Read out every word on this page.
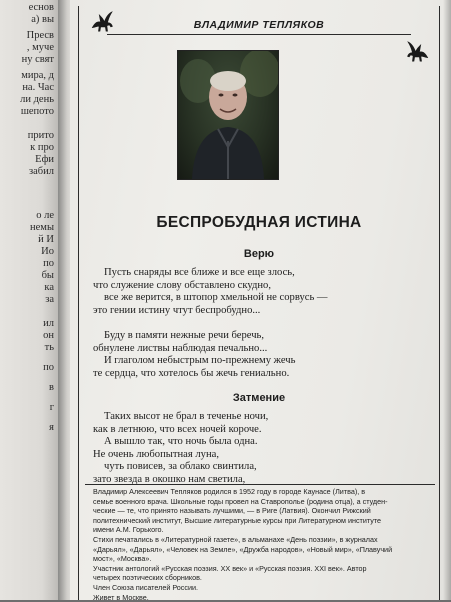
еснов
а) вы
Пресв
, муче
ну свят
мира, д
на. Час
ли день
шепото
прито
к про
Ефи
забил
о ле
немы
й И
Ио
по
бы
ка
за
ил
он
ть
по
в
г
я
ВЛАДИМИР ТЕПЛЯКОВ
БЕСПРОБУДНАЯ ИСТИНА
Верю
Пусть снаряды все ближе и все еще злось,
что служение слову обставлено скудно,
все же верится, в штопор хмельной не сорвусь —
это гении истину чтут беспробудно...

Буду в памяти нежные речи беречь,
обнулене листвы наблюдая печально...
И глаголом небыстрым по-прежнему жечь
те сердца, что хотелось бы жечь гениально.
Затмение
Таких высот не брал в теченье ночи,
как в летнюю, что всех ночей короче.
А вышло так, что ночь была одна.
Не очень любопытная луна,
чуть повисев, за облако свинтила,
зато звезда в окошко нам светила,
Владимир Алексеевич Тепляков родился в 1952 году в городе Каунасе (Литва), в
семье военного врача. Школьные годы провел на Ставрополье (родина отца), а студен-
ческие — те, что принято называть лучшими, — в Риге (Латвия). Окончил Рижский
политехнический институт, Высшие литературные курсы при Литературном институте
имени А.М. Горького.
Стихи печатались в «Литературной газете», в альманахе «День поэзии», в журналах
«Дарьял», «Дарьял», «Человек на Земле», «Дружба народов», «Новый мир», «Плавучий
мост», «Москва».
Участник антологий «Русская поэзия. XX век» и «Русская поэзия. XXI век». Автор
четырех поэтических сборников.
Член Союза писателей России.
Живет в Москве.
